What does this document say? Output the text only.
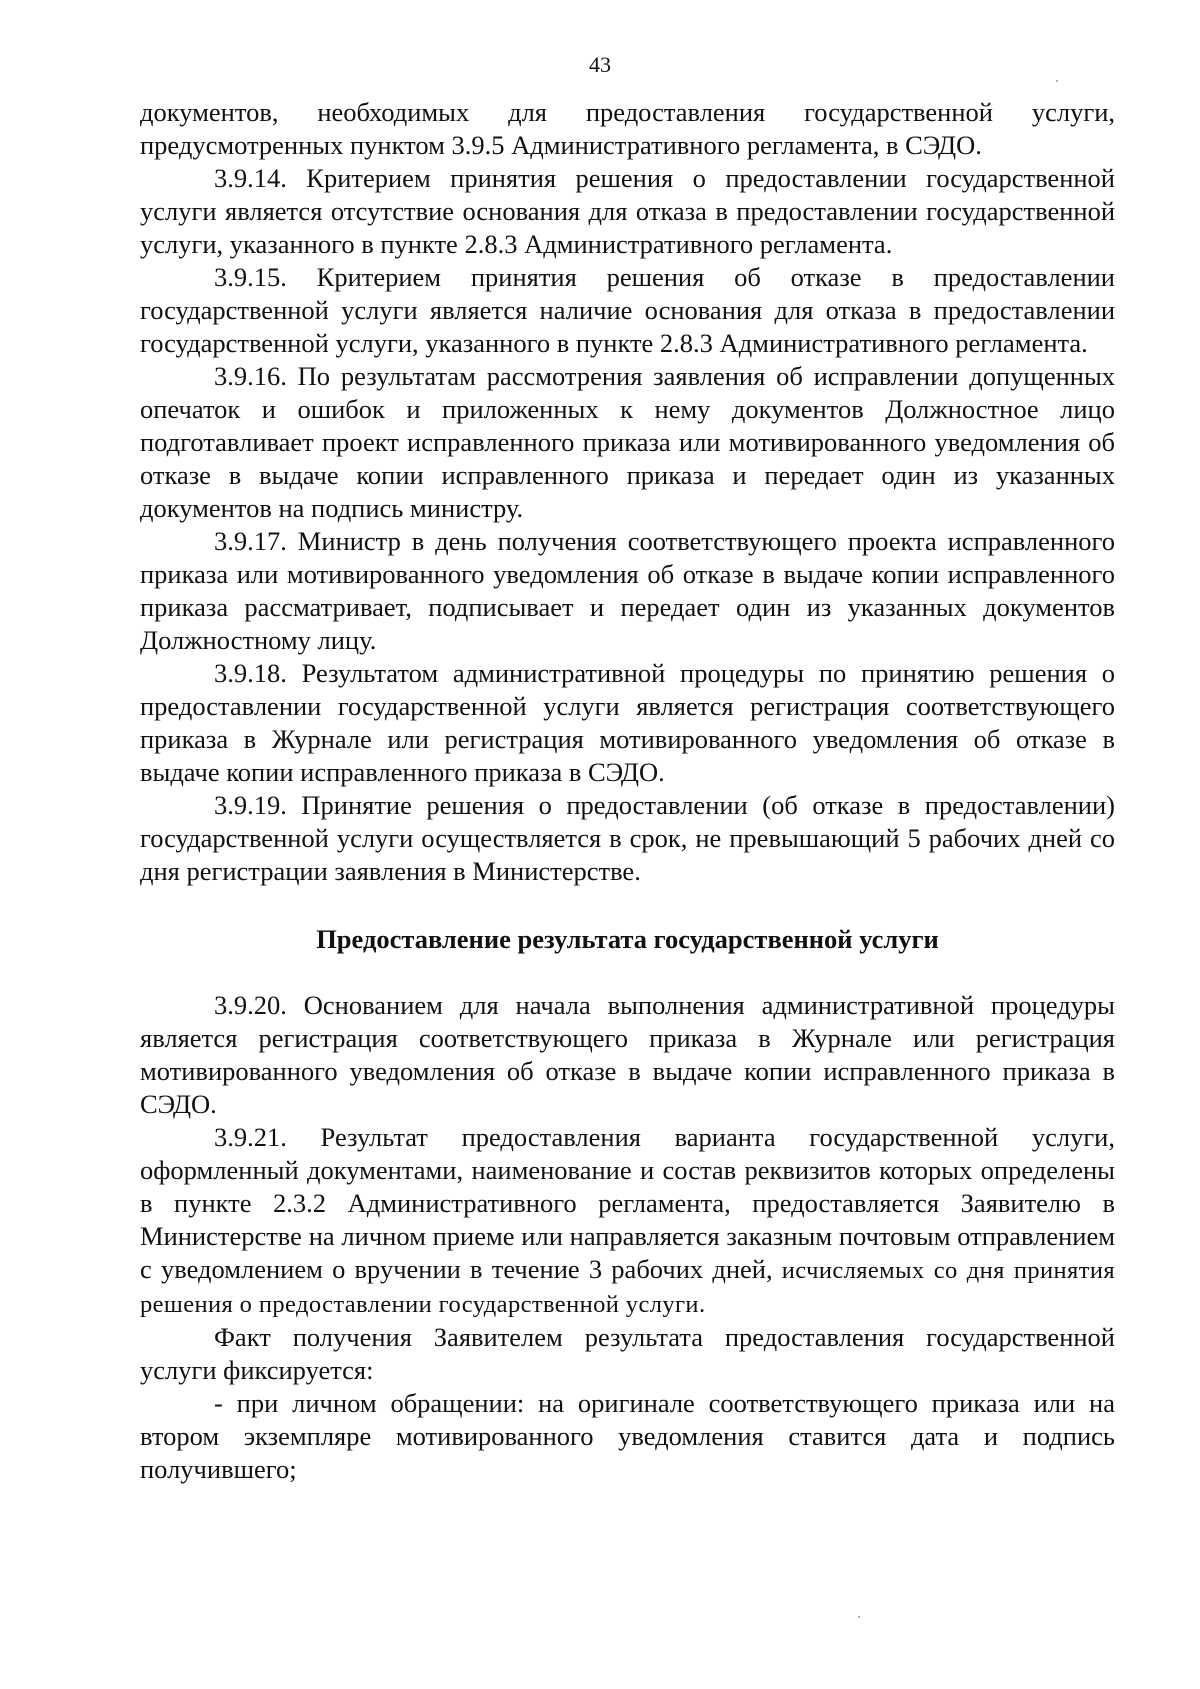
43

документов, необходимых для предоставления государственной услуги, предусмотренных пунктом 3.9.5 Административного регламента, в СЭДО.

3.9.14. Критерием принятия решения о предоставлении государственной услуги является отсутствие основания для отказа в предоставлении государственной услуги, указанного в пункте 2.8.3 Административного регламента.

3.9.15. Критерием принятия решения об отказе в предоставлении государственной услуги является наличие основания для отказа в предоставлении государственной услуги, указанного в пункте 2.8.3 Административного регламента.

3.9.16. По результатам рассмотрения заявления об исправлении допущенных опечаток и ошибок и приложенных к нему документов Должностное лицо подготавливает проект исправленного приказа или мотивированного уведомления об отказе в выдаче копии исправленного приказа и передает один из указанных документов на подпись министру.

3.9.17. Министр в день получения соответствующего проекта исправленного приказа или мотивированного уведомления об отказе в выдаче копии исправленного приказа рассматривает, подписывает и передает один из указанных документов Должностному лицу.

3.9.18. Результатом административной процедуры по принятию решения о предоставлении государственной услуги является регистрация соответствующего приказа в Журнале или регистрация мотивированного уведомления об отказе в выдаче копии исправленного приказа в СЭДО.

3.9.19. Принятие решения о предоставлении (об отказе в предоставлении) государственной услуги осуществляется в срок, не превышающий 5 рабочих дней со дня регистрации заявления в Министерстве.

Предоставление результата государственной услуги

3.9.20. Основанием для начала выполнения административной процедуры является регистрация соответствующего приказа в Журнале или регистрация мотивированного уведомления об отказе в выдаче копии исправленного приказа в СЭДО.

3.9.21. Результат предоставления варианта государственной услуги, оформленный документами, наименование и состав реквизитов которых определены в пункте 2.3.2 Административного регламента, предоставляется Заявителю в Министерстве на личном приеме или направляется заказным почтовым отправлением с уведомлением о вручении в течение 3 рабочих дней, исчисляемых со дня принятия решения о предоставлении государственной услуги.

Факт получения Заявителем результата предоставления государственной услуги фиксируется:

- при личном обращении: на оригинале соответствующего приказа или на втором экземпляре мотивированного уведомления ставится дата и подпись получившего;
